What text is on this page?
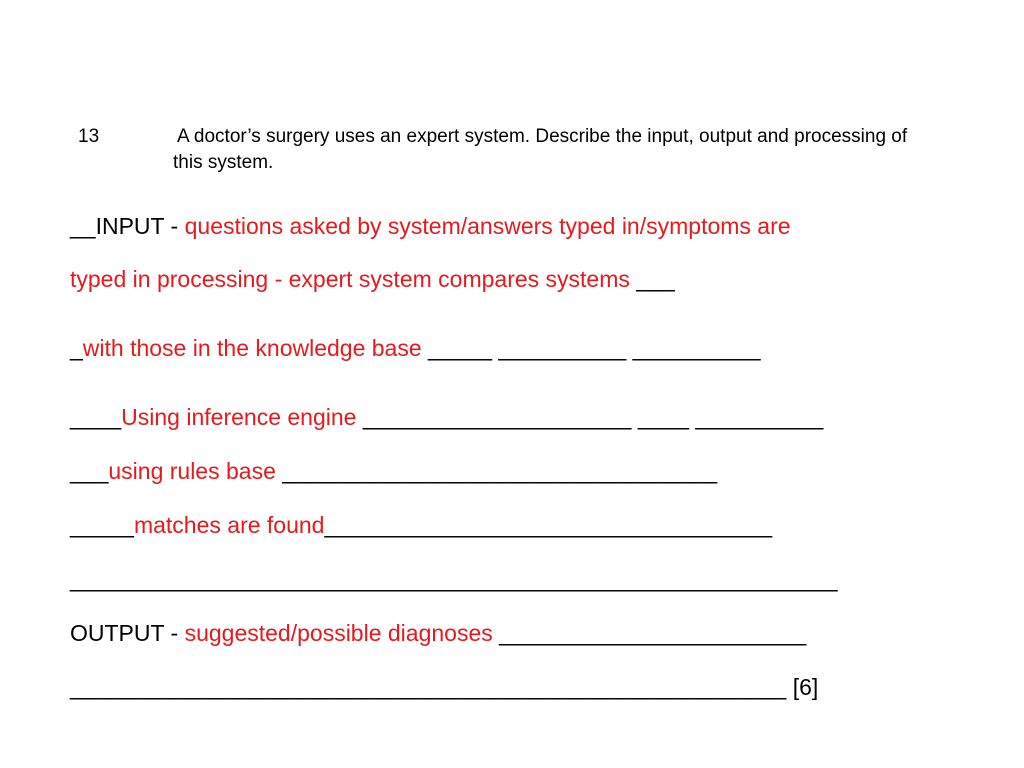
13	A doctor’s surgery uses an expert system. Describe the input, output and processing of this system.
__INPUT - questions asked by system/answers typed in/symptoms are
typed in processing - expert system compares systems ___
_with those in the knowledge base _____ __________ __________
____Using inference engine _____________________ ____ __________
___using rules base __________________________________
_____matches are found___________________________________
____________________________________________________________
OUTPUT - suggested/possible diagnoses ________________________
________________________________________________________ [6]
